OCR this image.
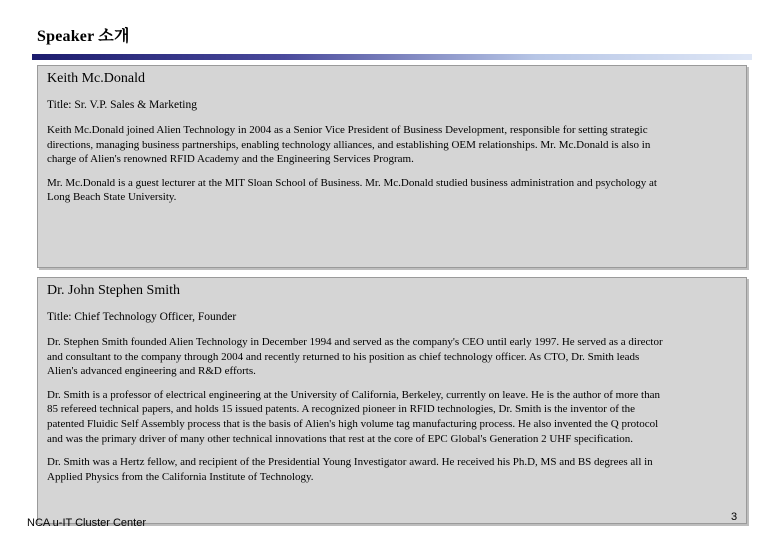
Speaker 소개
Keith Mc.Donald
Title: Sr. V.P. Sales & Marketing

Keith Mc.Donald joined Alien Technology in 2004 as a Senior Vice President of Business Development, responsible for setting strategic directions, managing business partnerships, enabling technology alliances, and establishing OEM relationships. Mr. Mc.Donald is also in charge of Alien's renowned RFID Academy and the Engineering Services Program.

Mr. Mc.Donald is a guest lecturer at the MIT Sloan School of Business. Mr. Mc.Donald studied business administration and psychology at Long Beach State University.

Dr. John Stephen Smith
Title: Chief Technology Officer, Founder

Dr. Stephen Smith founded Alien Technology in December 1994 and served as the company's CEO until early 1997. He served as a director and consultant to the company through 2004 and recently returned to his position as chief technology officer. As CTO, Dr. Smith leads Alien's advanced engineering and R&D efforts.

Dr. Smith is a professor of electrical engineering at the University of California, Berkeley, currently on leave. He is the author of more than 85 refereed technical papers, and holds 15 issued patents. A recognized pioneer in RFID technologies, Dr. Smith is the inventor of the patented Fluidic Self Assembly process that is the basis of Alien's high volume tag manufacturing process. He also invented the Q protocol and was the primary driver of many other technical innovations that rest at the core of EPC Global's Generation 2 UHF specification.

Dr. Smith was a Hertz fellow, and recipient of the Presidential Young Investigator award. He received his Ph.D, MS and BS degrees all in Applied Physics from the California Institute of Technology.

NCA u-IT Cluster Center	3
